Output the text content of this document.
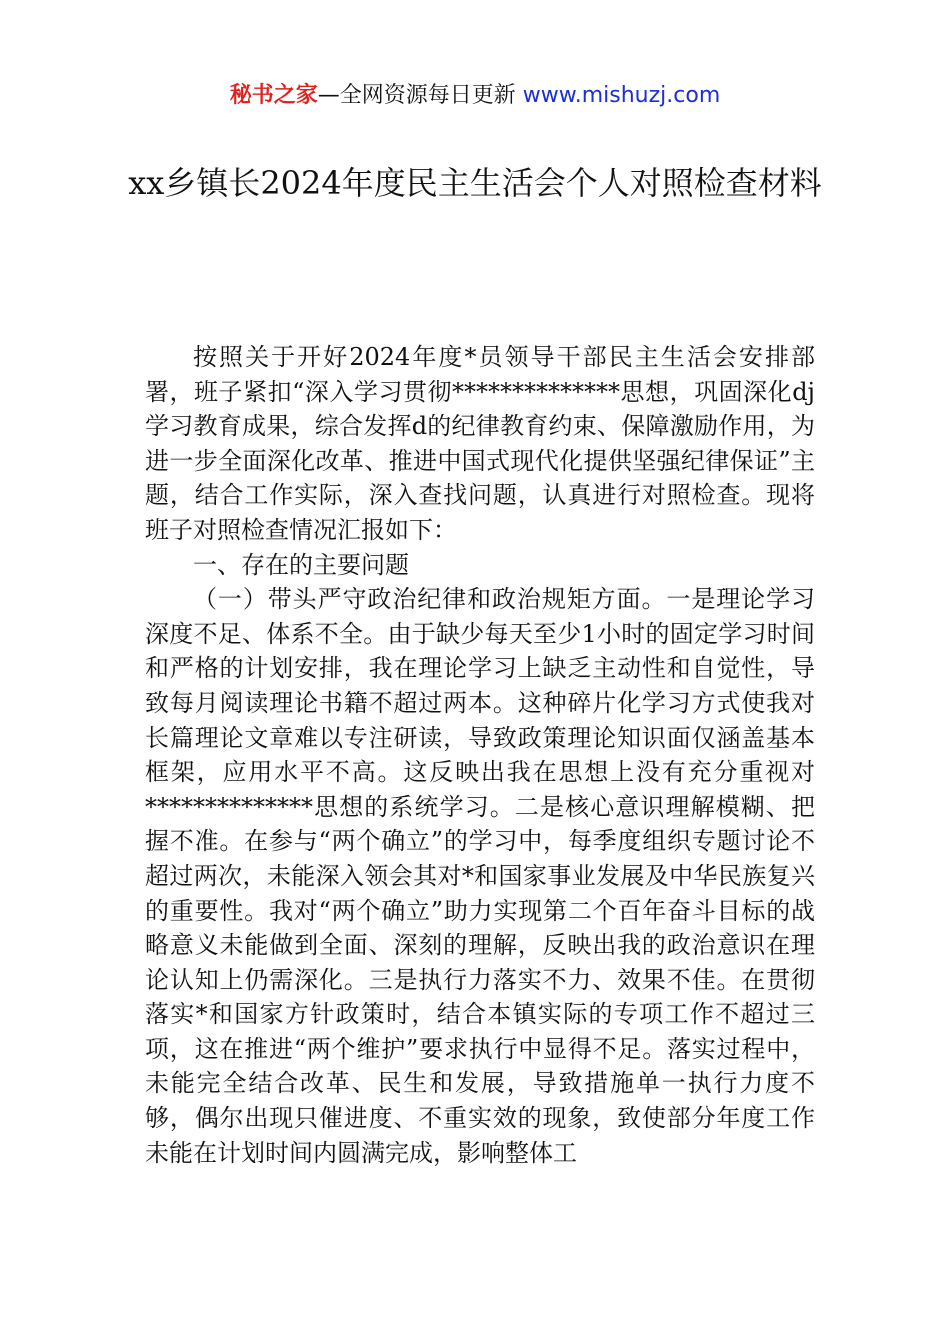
秘书之家—全网资源每日更新 www.mishuzj.com
xx乡镇长2024年度民主生活会个人对照检查材料

按照关于开好2024年度*员领导干部民主生活会安排部署，班子紧扣“深入学习贯彻**************思想，巩固深化dj学习教育成果，综合发挥d的纪律教育约束、保障激励作用，为进一步全面深化改革、推进中国式现代化提供坚强纪律保证”主题，结合工作实际，深入查找问题，认真进行对照检查。现将班子对照检查情况汇报如下：

一、存在的主要问题

（一）带头严守政治纪律和政治规矩方面。一是理论学习深度不足、体系不全。由于缺少每天至少1小时的固定学习时间和严格的计划安排，我在理论学习上缺乏主动性和自觉性，导致每月阅读理论书籍不超过两本。这种碎片化学习方式使我对长篇理论文章难以专注研读，导致政策理论知识面仅涵盖基本框架，应用水平不高。这反映出我在思想上没有充分重视对**************思想的系统学习。二是核心意识理解模糊、把握不准。在参与“两个确立”的学习中，每季度组织专题讨论不超过两次，未能深入领会其对*和国家事业发展及中华民族复兴的重要性。我对“两个确立”助力实现第二个百年奋斗目标的战略意义未能做到全面、深刻的理解，反映出我的政治意识在理论认知上仍需深化。三是执行力落实不力、效果不佳。在贯彻落实*和国家方针政策时，结合本镇实际的专项工作不超过三项，这在推进“两个维护”要求执行中显得不足。落实过程中，未能完全结合改革、民生和发展，导致措施单一执行力度不够，偶尔出现只催进度、不重实效的现象，致使部分年度工作未能在计划时间内圆满完成，影响整体工
